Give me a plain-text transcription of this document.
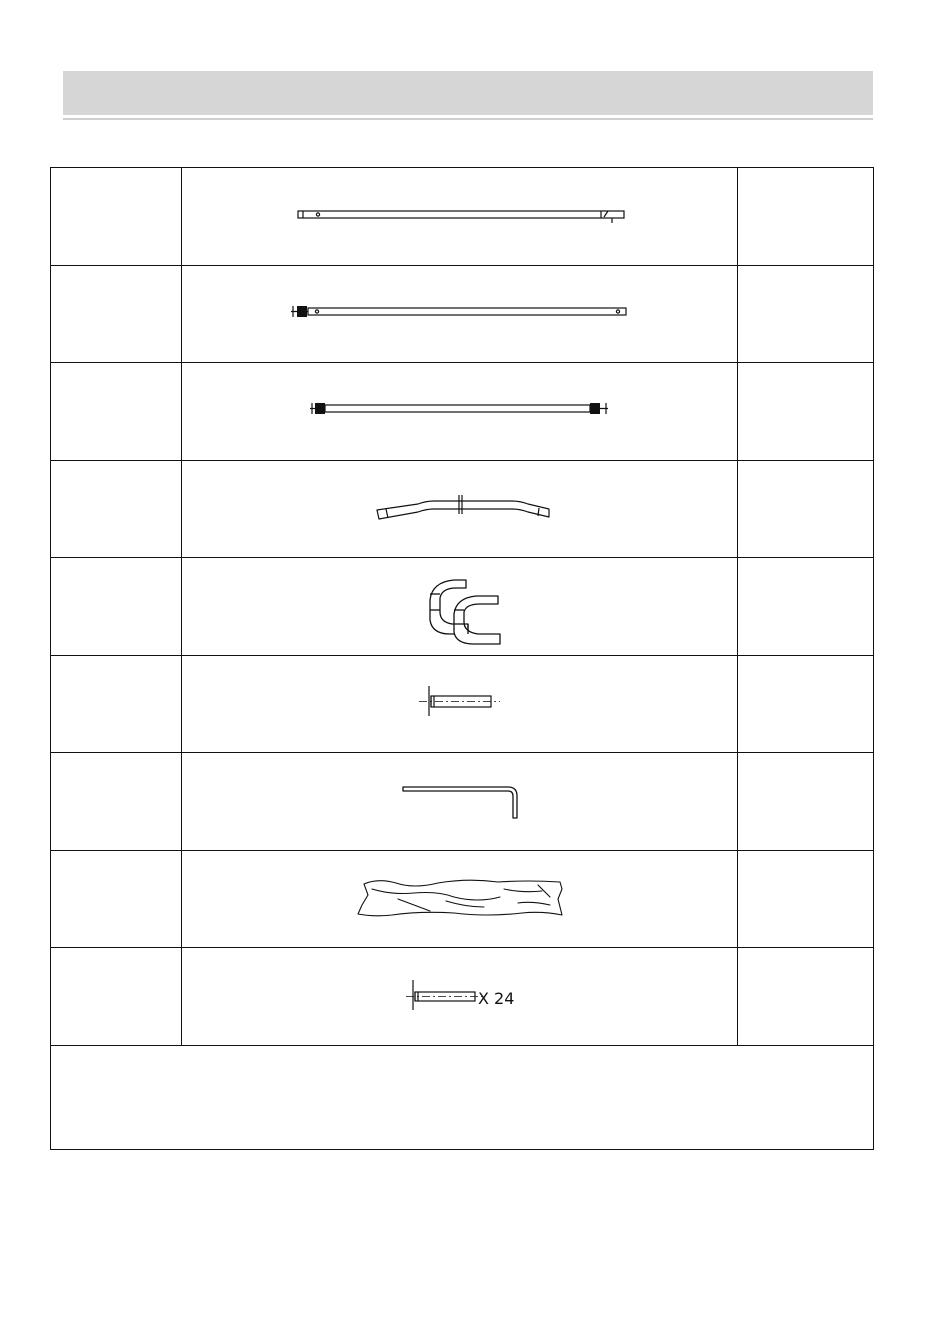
X 24
